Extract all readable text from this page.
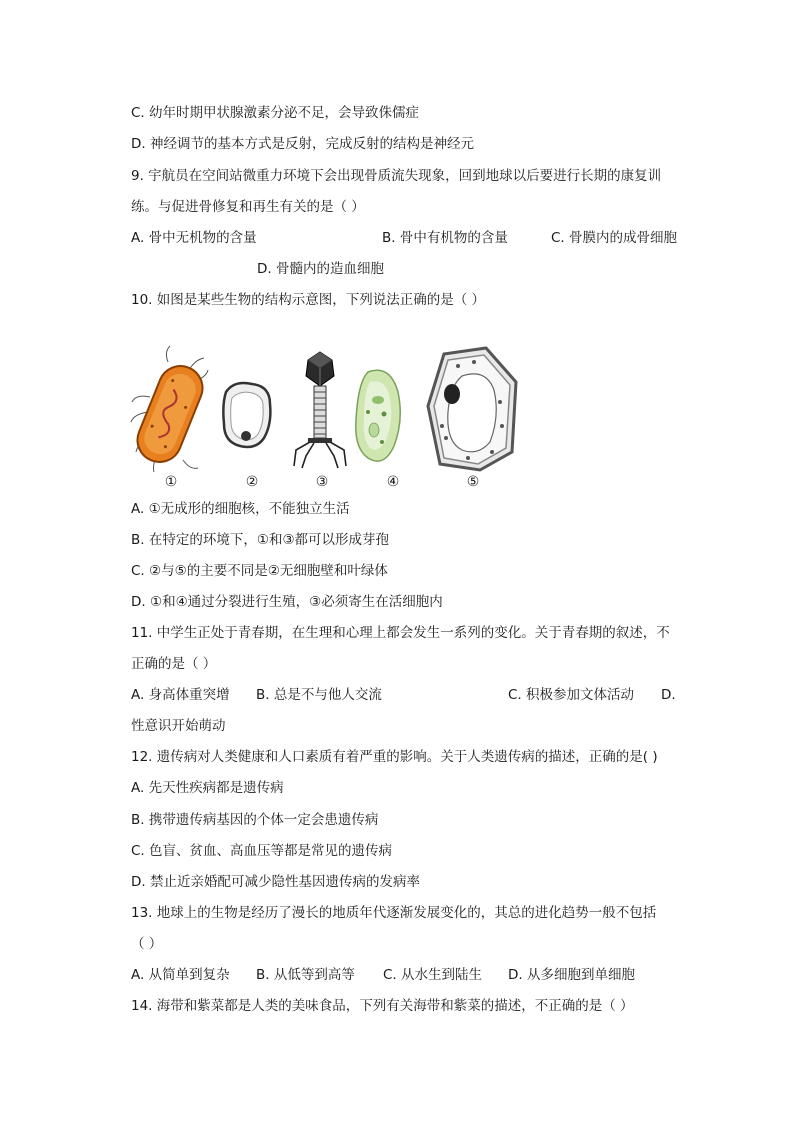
C. 幼年时期甲状腺激素分泌不足，会导致侏儒症
D. 神经调节的基本方式是反射，完成反射的结构是神经元
9. 宇航员在空间站微重力环境下会出现骨质流失现象，回到地球以后要进行长期的康复训
练。与促进骨修复和再生有关的是（ ）
A. 骨中无机物的含量	B. 骨中有机物的含量	C. 骨膜内的成骨细胞
D. 骨髓内的造血细胞
10. 如图是某些生物的结构示意图，下列说法正确的是（ ）
①	②	③	④	⑤
A. ①无成形的细胞核，不能独立生活
B. 在特定的环境下，①和③都可以形成芽孢
C. ②与⑤的主要不同是②无细胞壁和叶绿体
D. ①和④通过分裂进行生殖，③必须寄生在活细胞内
11. 中学生正处于青春期，在生理和心理上都会发生一系列的变化。关于青春期的叙述，不
正确的是（ ）
A. 身高体重突增 B. 总是不与他人交流	C. 积极参加文体活动 D.
性意识开始萌动
12. 遗传病对人类健康和人口素质有着严重的影响。关于人类遗传病的描述，正确的是( )
A. 先天性疾病都是遗传病
B. 携带遗传病基因的个体一定会患遗传病
C. 色盲、贫血、高血压等都是常见的遗传病
D. 禁止近亲婚配可减少隐性基因遗传病的发病率
13. 地球上的生物是经历了漫长的地质年代逐渐发展变化的，其总的进化趋势一般不包括
（ ）
A. 从简单到复杂 B. 从低等到高等 C. 从水生到陆生 D. 从多细胞到单细胞
14. 海带和紫菜都是人类的美味食品，下列有关海带和紫菜的描述，不正确的是（ ）
